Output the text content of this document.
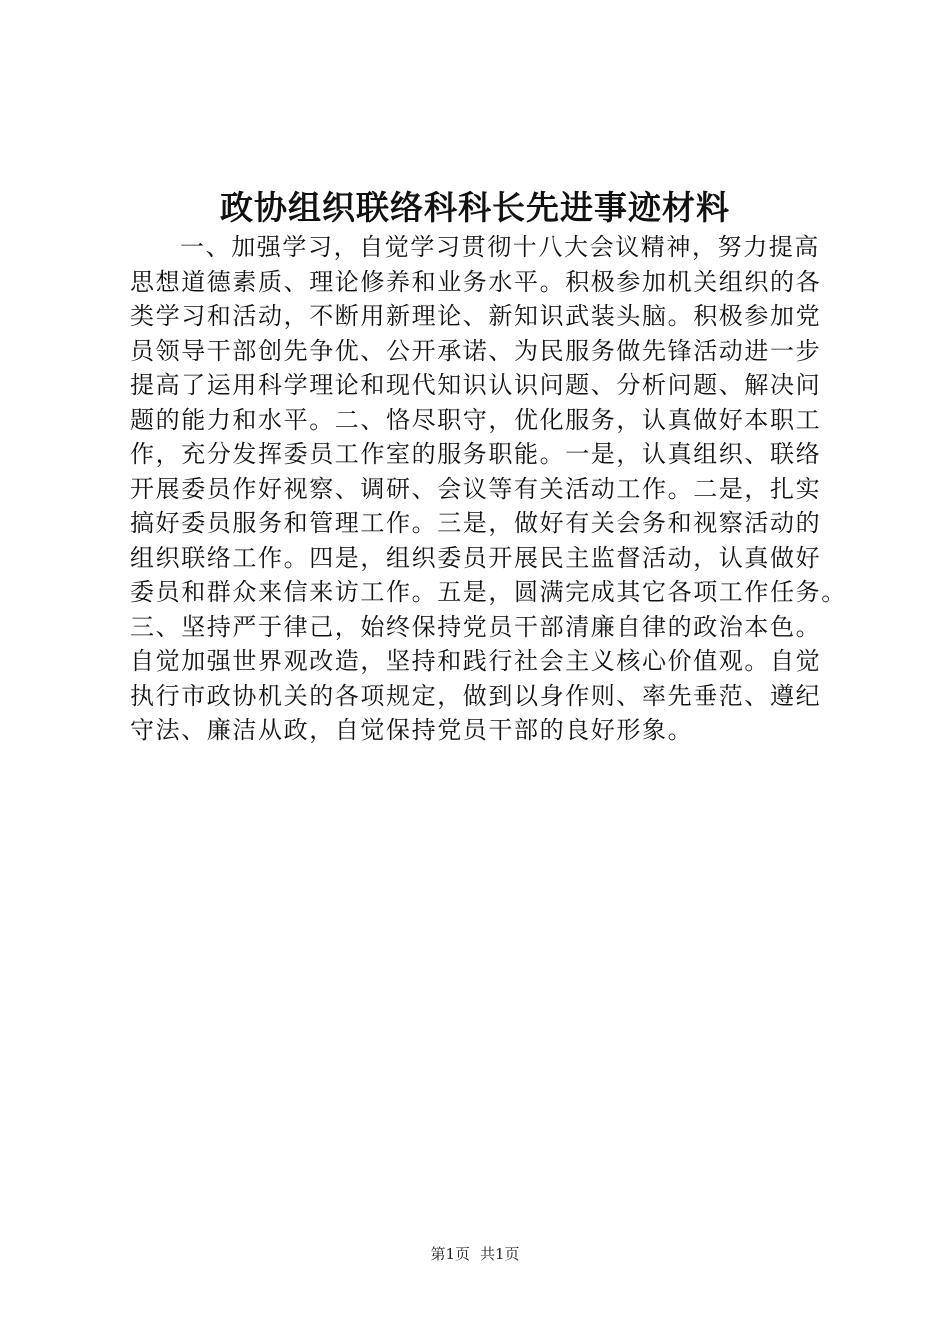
政协组织联络科科长先进事迹材料
一、加强学习，自觉学习贯彻十八大会议精神，努力提高
思想道德素质、理论修养和业务水平。积极参加机关组织的各
类学习和活动，不断用新理论、新知识武装头脑。积极参加党
员领导干部创先争优、公开承诺、为民服务做先锋活动进一步
提高了运用科学理论和现代知识认识问题、分析问题、解决问
题的能力和水平。二、恪尽职守，优化服务，认真做好本职工
作，充分发挥委员工作室的服务职能。一是，认真组织、联络
开展委员作好视察、调研、会议等有关活动工作。二是，扎实
搞好委员服务和管理工作。三是，做好有关会务和视察活动的
组织联络工作。四是，组织委员开展民主监督活动，认真做好
委员和群众来信来访工作。五是，圆满完成其它各项工作任务。
三、坚持严于律己，始终保持党员干部清廉自律的政治本色。
自觉加强世界观改造，坚持和践行社会主义核心价值观。自觉
执行市政协机关的各项规定，做到以身作则、率先垂范、遵纪
守法、廉洁从政，自觉保持党员干部的良好形象。
第1页 共1页
